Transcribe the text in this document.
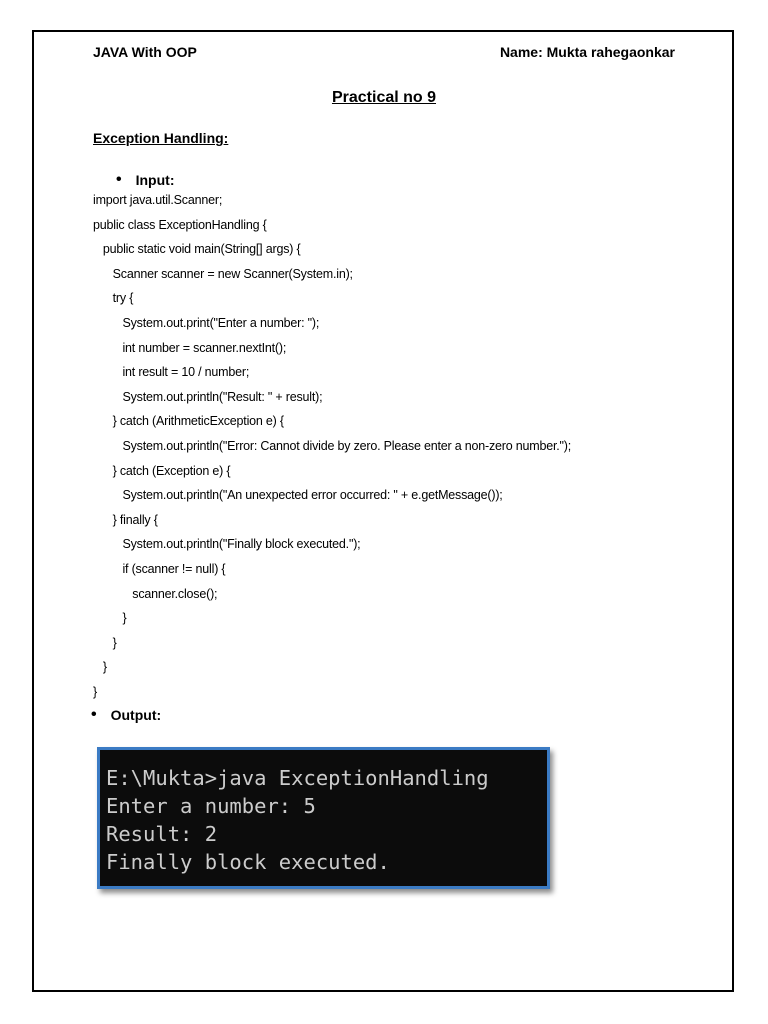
JAVA With OOP	Name: Mukta rahegaonkar
Practical no 9
Exception Handling:
• Input:
import java.util.Scanner;
public class ExceptionHandling {
public static void main(String[] args) {
Scanner scanner = new Scanner(System.in);
try {
System.out.print("Enter a number: ");
int number = scanner.nextInt();
int result = 10 / number;
System.out.println("Result: " + result);
} catch (ArithmeticException e) {
System.out.println("Error: Cannot divide by zero. Please enter a non-zero number.");
} catch (Exception e) {
System.out.println("An unexpected error occurred: " + e.getMessage());
} finally {
System.out.println("Finally block executed.");
if (scanner != null) {
scanner.close();
}
}
}
}
• Output:
E:\Mukta>java ExceptionHandling
Enter a number: 5
Result: 2
Finally block executed.
